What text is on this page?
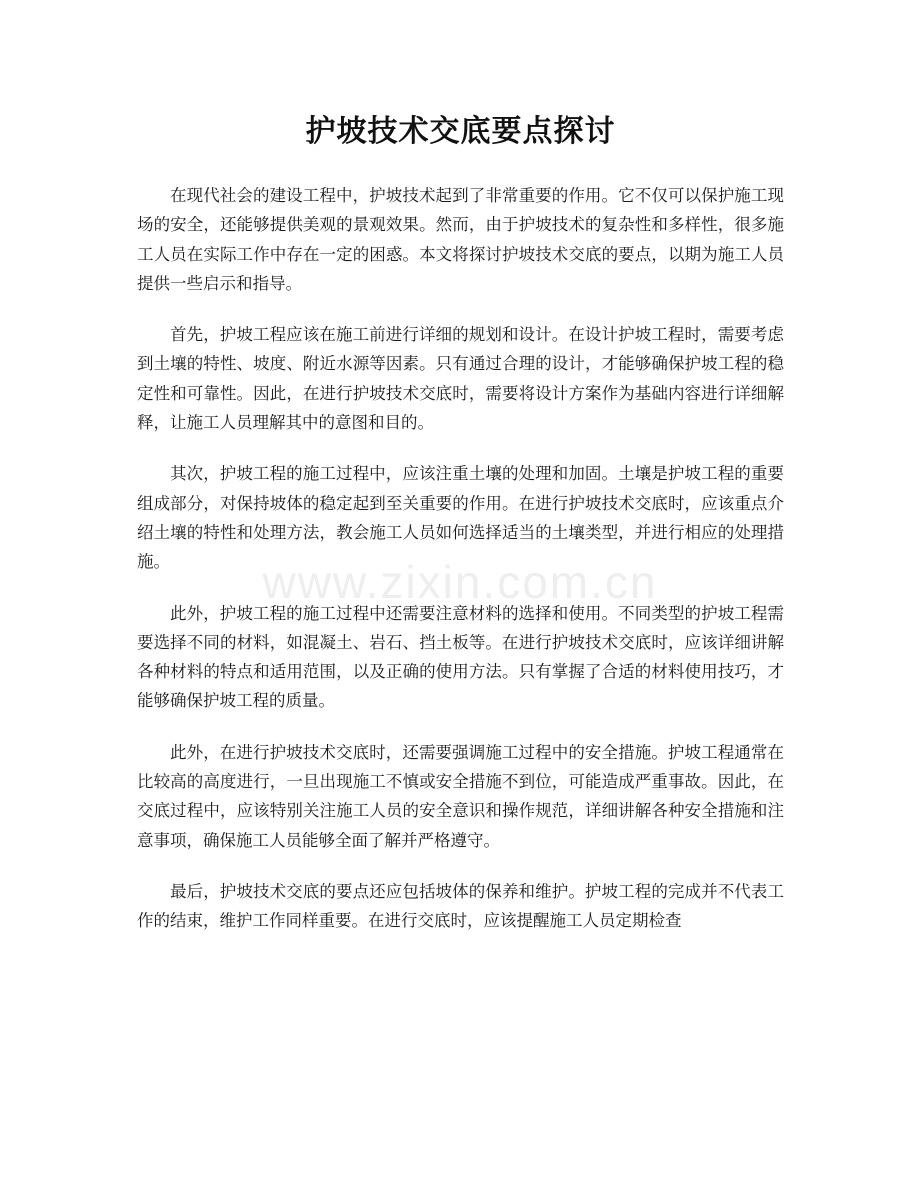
护坡技术交底要点探讨

在现代社会的建设工程中，护坡技术起到了非常重要的作用。它不仅可以保护施工现场的安全，还能够提供美观的景观效果。然而，由于护坡技术的复杂性和多样性，很多施工人员在实际工作中存在一定的困惑。本文将探讨护坡技术交底的要点，以期为施工人员提供一些启示和指导。

首先，护坡工程应该在施工前进行详细的规划和设计。在设计护坡工程时，需要考虑到土壤的特性、坡度、附近水源等因素。只有通过合理的设计，才能够确保护坡工程的稳定性和可靠性。因此，在进行护坡技术交底时，需要将设计方案作为基础内容进行详细解释，让施工人员理解其中的意图和目的。

其次，护坡工程的施工过程中，应该注重土壤的处理和加固。土壤是护坡工程的重要组成部分，对保持坡体的稳定起到至关重要的作用。在进行护坡技术交底时，应该重点介绍土壤的特性和处理方法，教会施工人员如何选择适当的土壤类型，并进行相应的处理措施。

此外，护坡工程的施工过程中还需要注意材料的选择和使用。不同类型的护坡工程需要选择不同的材料，如混凝土、岩石、挡土板等。在进行护坡技术交底时，应该详细讲解各种材料的特点和适用范围，以及正确的使用方法。只有掌握了合适的材料使用技巧，才能够确保护坡工程的质量。

此外，在进行护坡技术交底时，还需要强调施工过程中的安全措施。护坡工程通常在比较高的高度进行，一旦出现施工不慎或安全措施不到位，可能造成严重事故。因此，在交底过程中，应该特别关注施工人员的安全意识和操作规范，详细讲解各种安全措施和注意事项，确保施工人员能够全面了解并严格遵守。

最后，护坡技术交底的要点还应包括坡体的保养和维护。护坡工程的完成并不代表工作的结束，维护工作同样重要。在进行交底时，应该提醒施工人员定期检查

www.zixin.com.cn
